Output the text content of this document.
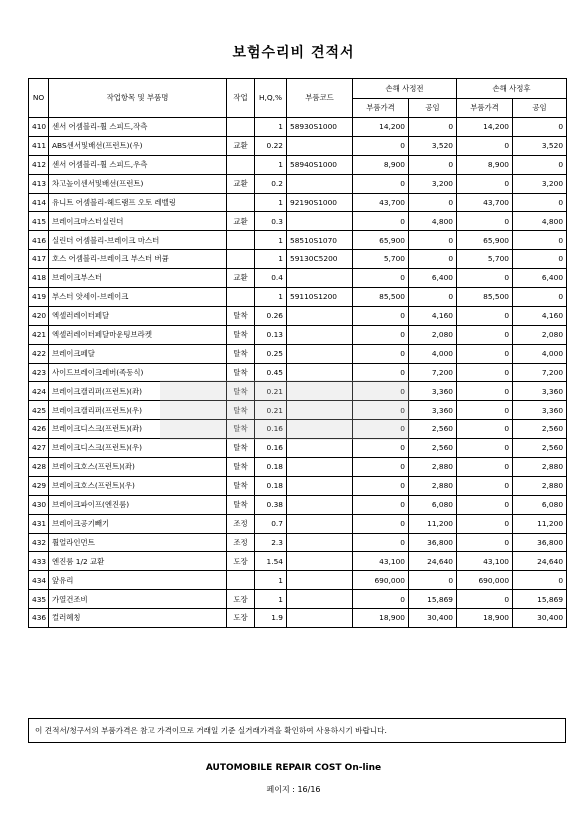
보험수리비 견적서
NO	작업항목 및 부품명	작업	H,Q,%	부품코드	손해 사정전		손해 사정후	
					부품가격	공임	부품가격	공임
410	센서 어셈블리-휠 스피드,작측		1	58930S1000	14,200	0	14,200	0
411	ABS센서및배선(프런트)(우)	교환	0.22		0	3,520	0	3,520
412	센서 어셈블리-휠 스피드,우측		1	58940S1000	8,900	0	8,900	0
413	차고높이센서및배선(프런트)	교환	0.2		0	3,200	0	3,200
414	유니트 어셈블리-헤드램프 오토 레벨링		1	92190S1000	43,700	0	43,700	0
415	브레이크마스터실린더	교환	0.3		0	4,800	0	4,800
416	실린더 어셈블리-브레이크 마스터		1	58510S1070	65,900	0	65,900	0
417	호스 어셈블리-브레이크 부스터 버큠		1	59130C5200	5,700	0	5,700	0
418	브레이크부스터	교환	0.4		0	6,400	0	6,400
419	부스터 앗세이-브레이크		1	59110S1200	85,500	0	85,500	0
420	엑셀러레이터페달	탈착	0.26		0	4,160	0	4,160
421	엑셀러레이터페달마운팅브라켓	탈착	0.13		0	2,080	0	2,080
422	브레이크페달	탈착	0.25		0	4,000	0	4,000
423	사이드브레이크레버(족동식)	탈착	0.45		0	7,200	0	7,200
424	브레이크캘리퍼(프런트)(좌)	탈착	0.21		0	3,360	0	3,360
425	브레이크캘리퍼(프런트)(우)	탈착	0.21		0	3,360	0	3,360
426	브레이크디스크(프런트)(좌)	탈착	0.16		0	2,560	0	2,560
427	브레이크디스크(프런트)(우)	탈착	0.16		0	2,560	0	2,560
428	브레이크호스(프런트)(좌)	탈착	0.18		0	2,880	0	2,880
429	브레이크호스(프런트)(우)	탈착	0.18		0	2,880	0	2,880
430	브레이크파이프(엔진룸)	탈착	0.38		0	6,080	0	6,080
431	브레이크공기빼기	조정	0.7		0	11,200	0	11,200
432	휠얼라인먼트	조정	2.3		0	36,800	0	36,800
433	엔진룸 1/2 교환	도장	1.54		43,100	24,640	43,100	24,640
434	앞유리		1		690,000	0	690,000	0
435	가열건조비	도장	1		0	15,869	0	15,869
436	컬러혜칭	도장	1.9		18,900	30,400	18,900	30,400
이 견적서/청구서의 부품가격은 참고 가격이므로 거래일 기준 실거래가격을 확인하여 사용하시기 바랍니다.
AUTOMOBILE REPAIR COST On-line
페이지 : 16/16
